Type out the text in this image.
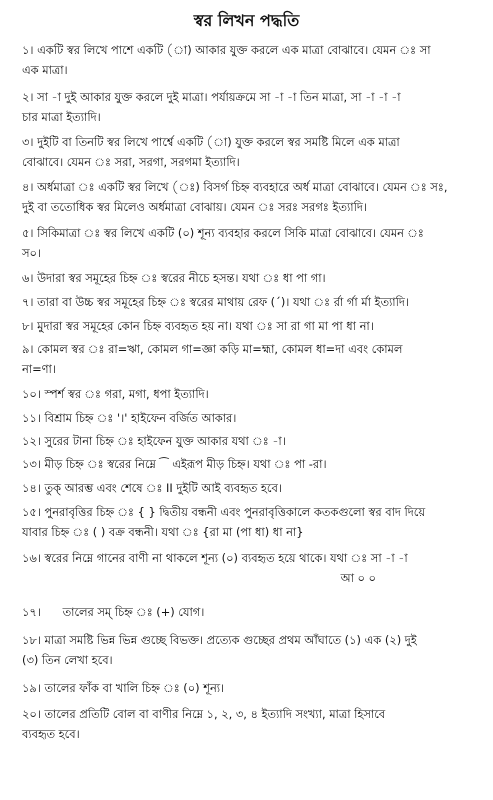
স্বর লিখন পদ্ধতি
১। একটি স্বর লিখে পাশে একটি (া) আকার যুক্ত করলে এক মাত্রা বোঝাবে। যেমন ঃ সা
এক মাত্রা।
২। সা -া দুই আকার যুক্ত করলে দুই মাত্রা। পর্যায়ক্রমে সা -া -া তিন মাত্রা, সা -া -া -া
চার মাত্রা ইত্যাদি।
৩। দুইটি বা তিনটি স্বর লিখে পার্শ্বে একটি (া) যুক্ত করলে স্বর সমষ্টি মিলে এক মাত্রা
বোঝাবে। যেমন ঃ সরা, সরগা, সরগমা ইত্যাদি।
৪। অর্ধমাত্রা ঃ একটি স্বর লিখে (ঃ) বিসর্গ চিহ্ন ব্যবহারে অর্ধ মাত্রা বোঝাবে। যেমন ঃ সঃ,
দুই বা ততোধিক স্বর মিলেও অর্ধমাত্রা বোঝায়। যেমন ঃ সরঃ সরগঃ ইত্যাদি।
৫। সিকিমাত্রা ঃ স্বর লিখে একটি (০) শূন্য ব্যবহার করলে সিকি মাত্রা বোঝাবে। যেমন ঃ
স০।
৬। উদারা স্বর সমূহের চিহ্ন ঃ স্বরের নীচে হসন্ত। যথা ঃ ধা পা গা।
৭। তারা বা উচ্চ স্বর সমূহের চিহ্ন ঃ স্বরের মাথায় রেফ (´)। যথা ঃ র্রা র্গা র্মা ইত্যাদি।
৮। মুদারা স্বর সমূহের কোন চিহ্ন ব্যবহৃত হয় না। যথা ঃ সা রা গা মা পা ধা না।
৯। কোমল স্বর ঃ রা=ঋা, কোমল গা=জ্ঞা কড়ি মা=হ্মা, কোমল ধা=দা এবং কোমল
না=ণা।
১০। স্পর্শ স্বর ঃ গরা, মগা, ধপা ইত্যাদি।
১১। বিশ্রাম চিহ্ন ঃ '।' হাইফেন বর্জিত আকার।
১২। সুরের টানা চিহ্ন ঃ হাইফেন যুক্ত আকার যথা ঃ -া।
১৩। মীড় চিহ্ন ঃ স্বরের নিম্নে ⁀ এইরূপ মীড় চিহ্ন। যথা ঃ পা -রা।
১৪। তুক্ আরম্ভ এবং শেষে ঃ II দুইটি আই ব্যবহৃত হবে।
১৫। পুনরাবৃত্তির চিহ্ন ঃ { } দ্বিতীয় বন্ধনী এবং পুনরাবৃত্তিকালে কতকগুলো স্বর বাদ দিয়ে
যাবার চিহ্ন ঃ ( ) বক্র বন্ধনী। যথা ঃ {রা মা (পা ধা) ধা না}
১৬। স্বরের নিম্নে গানের বাণী না থাকলে শূন্য (০) ব্যবহৃত হয়ে থাকে। যথা ঃ সা -া -া
আ ০ ০
১৭।      তালের সম্ চিহ্ন ঃ (+) যোগ।
১৮। মাত্রা সমষ্টি ভিন্ন ভিন্ন গুচ্ছে বিভক্ত। প্রত্যেক গুচ্ছের প্রথম আঁঘাতে (১) এক (২) দুই
(৩) তিন লেখা হবে।
১৯। তালের ফাঁক বা খালি চিহ্ন ঃ (০) শূন্য।
২০। তালের প্রতিটি বোল বা বাণীর নিম্নে ১, ২, ৩, ৪ ইত্যাদি সংখ্যা, মাত্রা হিসাবে
ব্যবহৃত হবে।
